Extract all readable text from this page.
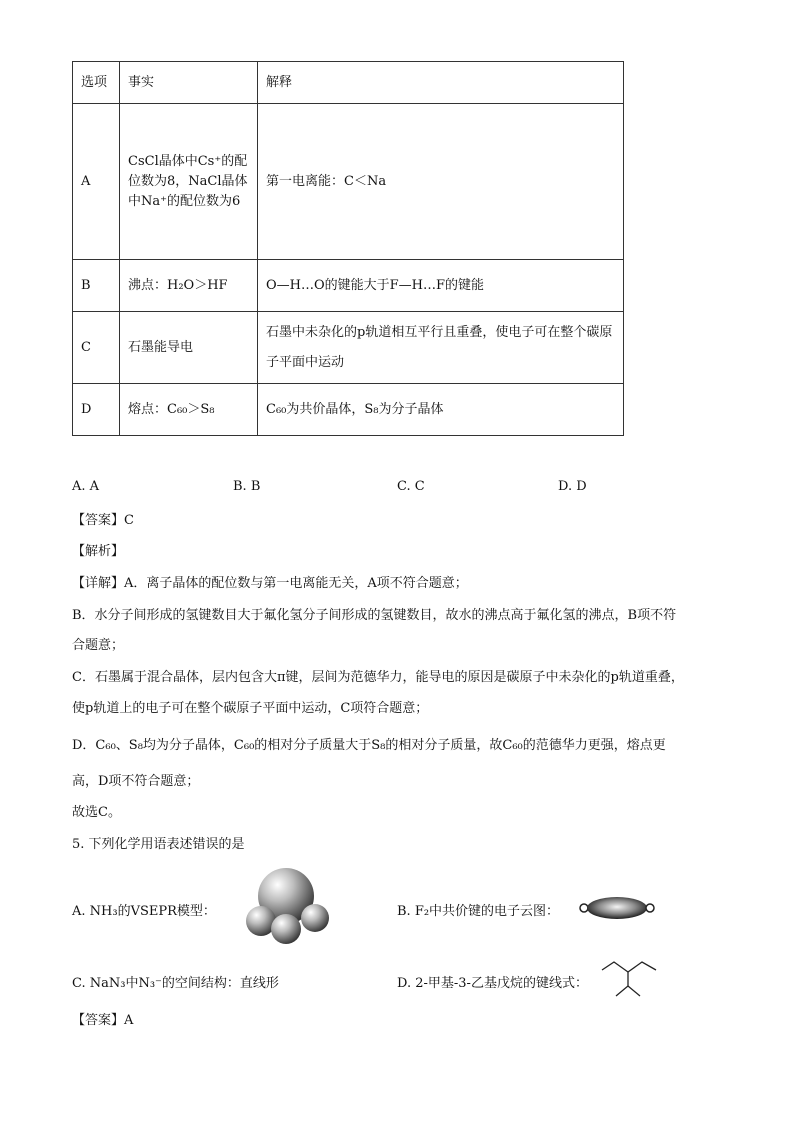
选项	事实	解释
A	CsCl晶体中Cs⁺的配位数为8，NaCl晶体中Na⁺的配位数为6	第一电离能：C＜Na
B	沸点：H₂O＞HF	O—H…O的键能大于F—H…F的键能
C	石墨能导电	石墨中未杂化的p轨道相互平行且重叠，使电子可在整个碳原子平面中运动
D	熔点：C₆₀＞S₈	C₆₀为共价晶体，S₈为分子晶体
A. A	B. B	C. C	D. D
【答案】C
【解析】
【详解】A．离子晶体的配位数与第一电离能无关，A项不符合题意；
B．水分子间形成的氢键数目大于氟化氢分子间形成的氢键数目，故水的沸点高于氟化氢的沸点，B项不符
合题意；
C．石墨属于混合晶体，层内包含大π键，层间为范德华力，能导电的原因是碳原子中未杂化的p轨道重叠，
使p轨道上的电子可在整个碳原子平面中运动，C项符合题意；
D．C₆₀、S₈均为分子晶体，C₆₀的相对分子质量大于S₈的相对分子质量，故C₆₀的范德华力更强，熔点更
高，D项不符合题意；
故选C。
5. 下列化学用语表述错误的是
A. NH₃的VSEPR模型：	B. F₂中共价键的电子云图：
C. NaN₃中N₃⁻的空间结构：直线形	D. 2-甲基-3-乙基戊烷的键线式：
【答案】A
